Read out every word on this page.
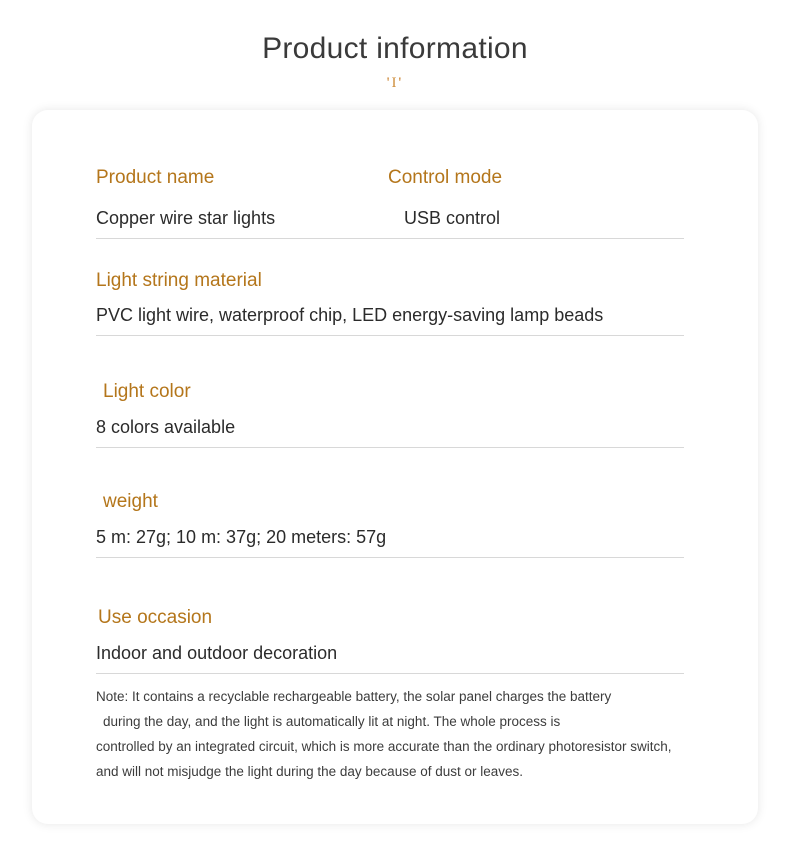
Product information
'I'
Product name
Copper wire star lights
Control mode
USB control
Light string material
PVC light wire, waterproof chip, LED energy-saving lamp beads
Light color
8 colors available
weight
5 m: 27g; 10 m: 37g; 20 meters: 57g
Use occasion
Indoor and outdoor decoration

Note: It contains a recyclable rechargeable battery, the solar panel charges the battery

during the day, and the light is automatically lit at night. The whole process is

controlled by an integrated circuit, which is more accurate than the ordinary photoresistor switch,

and will not misjudge the light during the day because of dust or leaves.
